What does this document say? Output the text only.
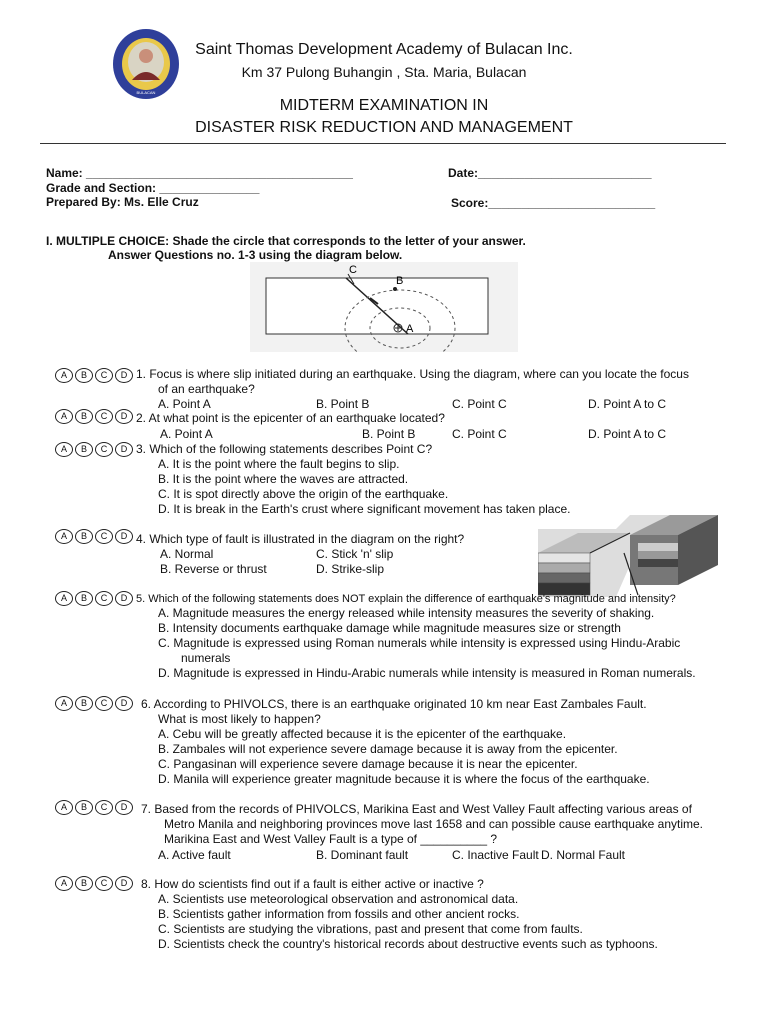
BULACAN
Saint Thomas Development Academy of Bulacan Inc.
Km 37 Pulong Buhangin , Sta. Maria, Bulacan
MIDTERM EXAMINATION IN
DISASTER RISK REDUCTION AND MANAGEMENT
Name: ________________________________________	Date:__________________________
Grade and Section: _______________
Prepared By: Ms. Elle Cruz	Score:_________________________
I. MULTIPLE CHOICE: Shade the circle that corresponds to the letter of your answer.
Answer Questions no. 1-3 using the diagram below.
A
B
C
A	B	C	D 1. Focus is where slip initiated during an earthquake. Using the diagram, where can you locate the focus
of an earthquake?
A. Point A	B. Point B	C. Point C	D. Point A to C
A	B	C	D 2. At what point is the epicenter of an earthquake located?
A. Point A	B. Point B	C. Point C	D. Point A to C
A	B	C	D 3. Which of the following statements describes Point C?
A. It is the point where the fault begins to slip.
B. It is the point where the waves are attracted.
C. It is spot directly above the origin of the earthquake.
D. It is break in the Earth's crust where significant movement has taken place.
A	B	C	D 4. Which type of fault is illustrated in the diagram on the right?
A. Normal	C. Stick 'n' slip
B. Reverse or thrust	D. Strike-slip
A	B	C	D 5. Which of the following statements does NOT explain the difference of earthquake's magnitude and intensity?
A. Magnitude measures the energy released while intensity measures the severity of shaking.
B. Intensity documents earthquake damage while magnitude measures size or strength
C. Magnitude is expressed using Roman numerals while intensity is expressed using Hindu-Arabic
numerals
D. Magnitude is expressed in Hindu-Arabic numerals while intensity is measured in Roman numerals.
A	B	C	D	6. According to PHIVOLCS, there is an earthquake originated 10 km near East Zambales Fault.
What is most likely to happen?
A. Cebu will be greatly affected because it is the epicenter of the earthquake.
B. Zambales will not experience severe damage because it is away from the epicenter.
C. Pangasinan will experience severe damage because it is near the epicenter.
D. Manila will experience greater magnitude because it is where the focus of the earthquake.
A	B	C	D	7. Based from the records of PHIVOLCS, Marikina East and West Valley Fault affecting various areas of
Metro Manila and neighboring provinces move last 1658 and can possible cause earthquake anytime.
Marikina East and West Valley Fault is a type of __________ ?
A. Active fault	B. Dominant fault	C. Inactive Fault D. Normal Fault
A	B	C	D	8. How do scientists find out if a fault is either active or inactive ?
A. Scientists use meteorological observation and astronomical data.
B. Scientists gather information from fossils and other ancient rocks.
C. Scientists are studying the vibrations, past and present that come from faults.
D. Scientists check the country's historical records about destructive events such as typhoons.
